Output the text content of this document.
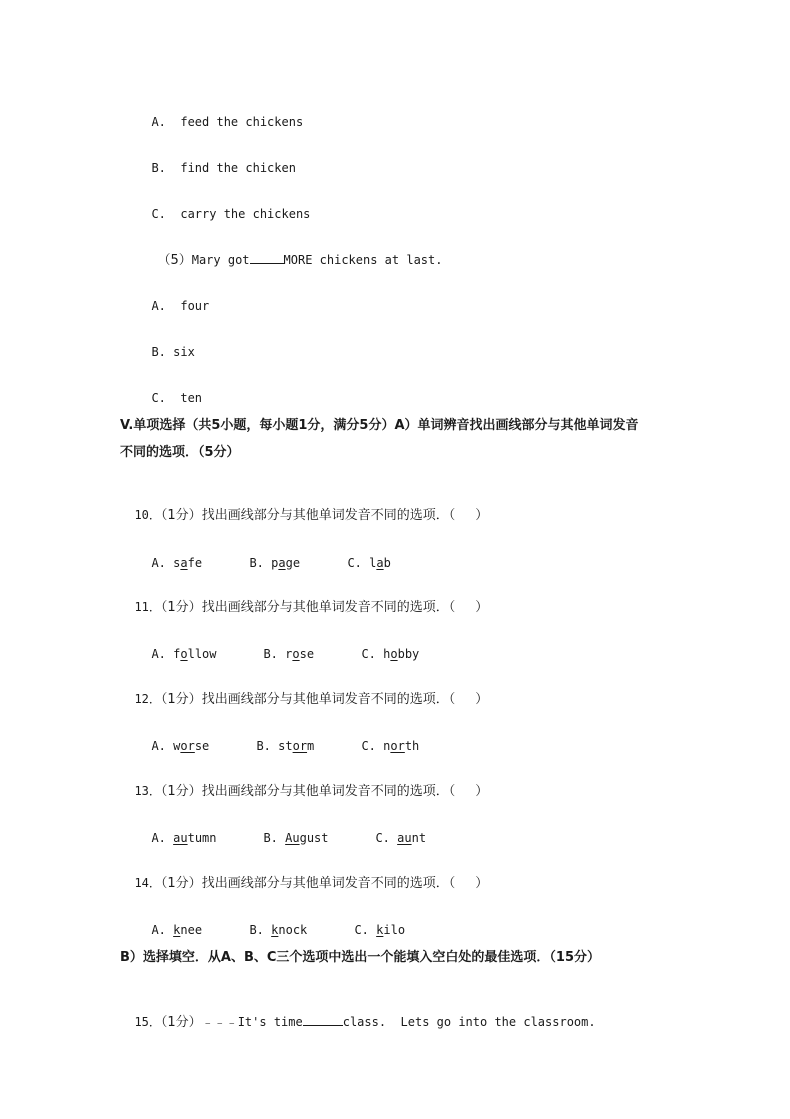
A. feed the chickens

B. find the chicken

C. carry the chickens

（5）Mary got	MORE chickens at last.

A. four

B. six

C. ten

V.单项选择（共5小题，每小题1分，满分5分）A）单词辨音找出画线部分与其他单词发音
不同的选项．（5分）

10．（1分）找出画线部分与其他单词发音不同的选项．（ ）

A. safe	B. page	C. lab

11．（1分）找出画线部分与其他单词发音不同的选项．（ ）

A. follow	B. rose	C. hobby

12．（1分）找出画线部分与其他单词发音不同的选项．（ ）

A. worse	B. storm	C. north

13．（1分）找出画线部分与其他单词发音不同的选项．（ ）

A. autumn	B. August	C. aunt

14．（1分）找出画线部分与其他单词发音不同的选项．（ ）

A. knee	B. knock	C. kilo

B）选择填空．从A、B、C三个选项中选出一个能填入空白处的最佳选项．（15分）

15．（1分）﹣﹣﹣It's time	class.  Lets go into the classroom.
